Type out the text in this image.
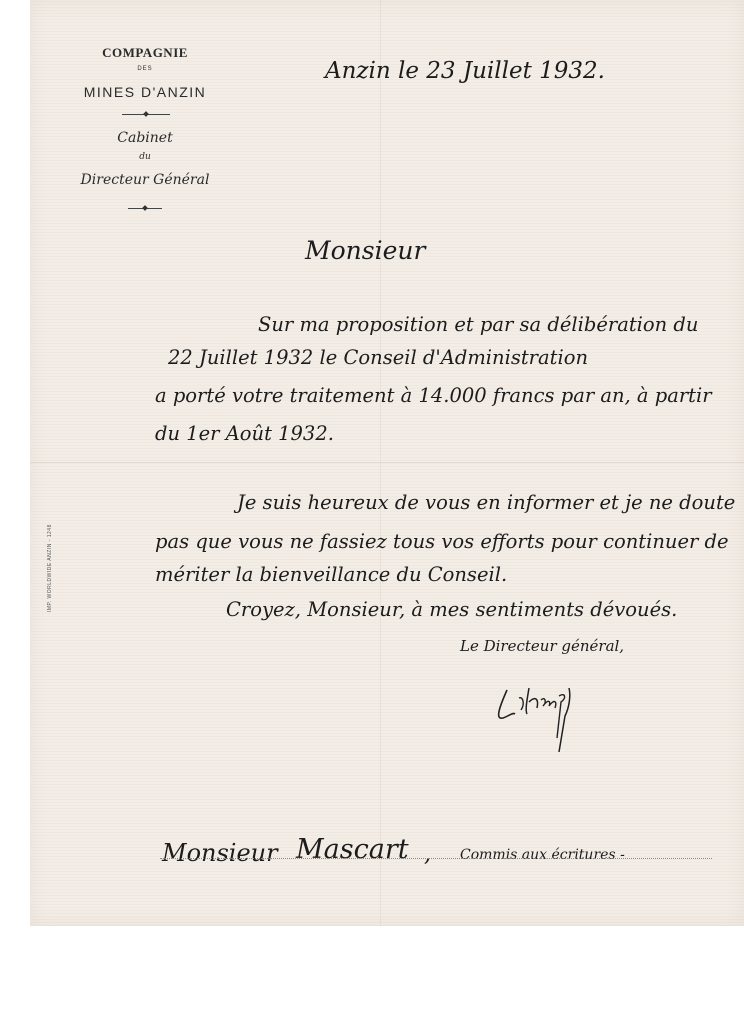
COMPAGNIE
DES
MINES D'ANZIN
Cabinet
du
Directeur Général
IMP. WORLDWIDE ANZIN - 1248
Anzin le 23 Juillet 1932.
Monsieur
Sur ma proposition et par sa délibération du
22 Juillet 1932 le Conseil d'Administration
a porté votre traitement à 14.000 francs par an, à partir
du 1er Août 1932.
Je suis heureux de vous en informer et je ne doute
pas que vous ne fassiez tous vos efforts pour continuer de
mériter la bienveillance du Conseil.
Croyez, Monsieur, à mes sentiments dévoués.
Le Directeur général,
Monsieur Mascart , Commis aux écritures -
